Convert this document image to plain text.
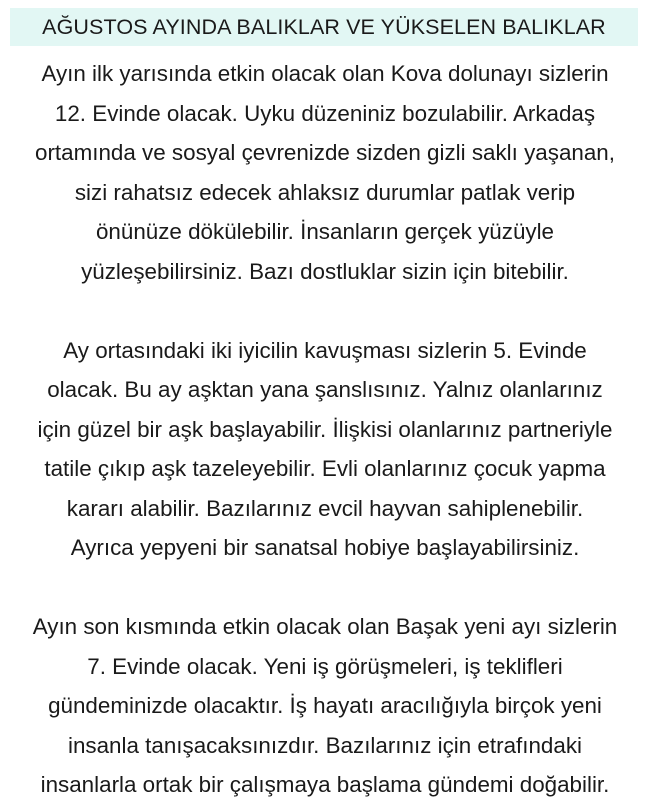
AĞUSTOS AYINDA BALIKLAR VE YÜKSELEN BALIKLAR
Ayın ilk yarısında etkin olacak olan Kova dolunayı sizlerin
12. Evinde olacak. Uyku düzeniniz bozulabilir. Arkadaş
ortamında ve sosyal çevrenizde sizden gizli saklı yaşanan,
sizi rahatsız edecek ahlaksız durumlar patlak verip
önünüze dökülebilir. İnsanların gerçek yüzüyle
yüzleşebilirsiniz. Bazı dostluklar sizin için bitebilir.
Ay ortasındaki iki iyicilin kavuşması sizlerin 5. Evinde
olacak. Bu ay aşktan yana şanslısınız. Yalnız olanlarınız
için güzel bir aşk başlayabilir. İlişkisi olanlarınız partneriyle
tatile çıkıp aşk tazeleyebilir. Evli olanlarınız çocuk yapma
kararı alabilir. Bazılarınız evcil hayvan sahiplenebilir.
Ayrıca yepyeni bir sanatsal hobiye başlayabilirsiniz.
Ayın son kısmında etkin olacak olan Başak yeni ayı sizlerin
7. Evinde olacak. Yeni iş görüşmeleri, iş teklifleri
gündeminizde olacaktır. İş hayatı aracılığıyla birçok yeni
insanla tanışacaksınızdır. Bazılarınız için etrafındaki
insanlarla ortak bir çalışmaya başlama gündemi doğabilir.
